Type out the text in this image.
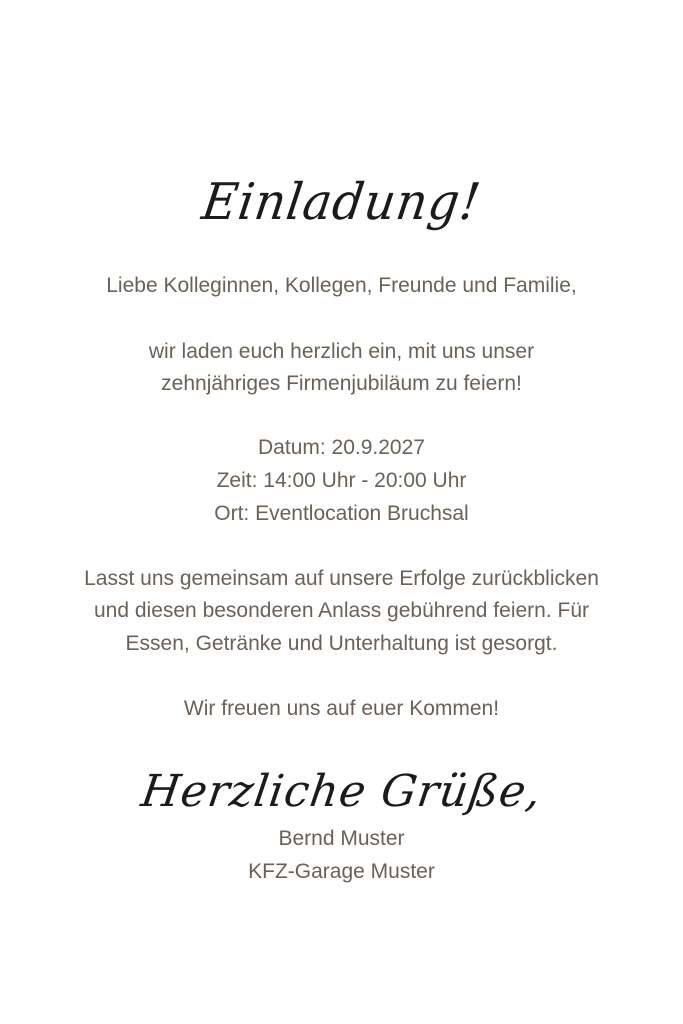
Einladung!
Liebe Kolleginnen, Kollegen, Freunde und Familie,
wir laden euch herzlich ein, mit uns unser
zehnjähriges Firmenjubiläum zu feiern!
Datum: 20.9.2027
Zeit: 14:00 Uhr - 20:00 Uhr
Ort: Eventlocation Bruchsal
Lasst uns gemeinsam auf unsere Erfolge zurückblicken
und diesen besonderen Anlass gebührend feiern. Für
Essen, Getränke und Unterhaltung ist gesorgt.
Wir freuen uns auf euer Kommen!
Herzliche Grüße,
Bernd Muster
KFZ-Garage Muster
